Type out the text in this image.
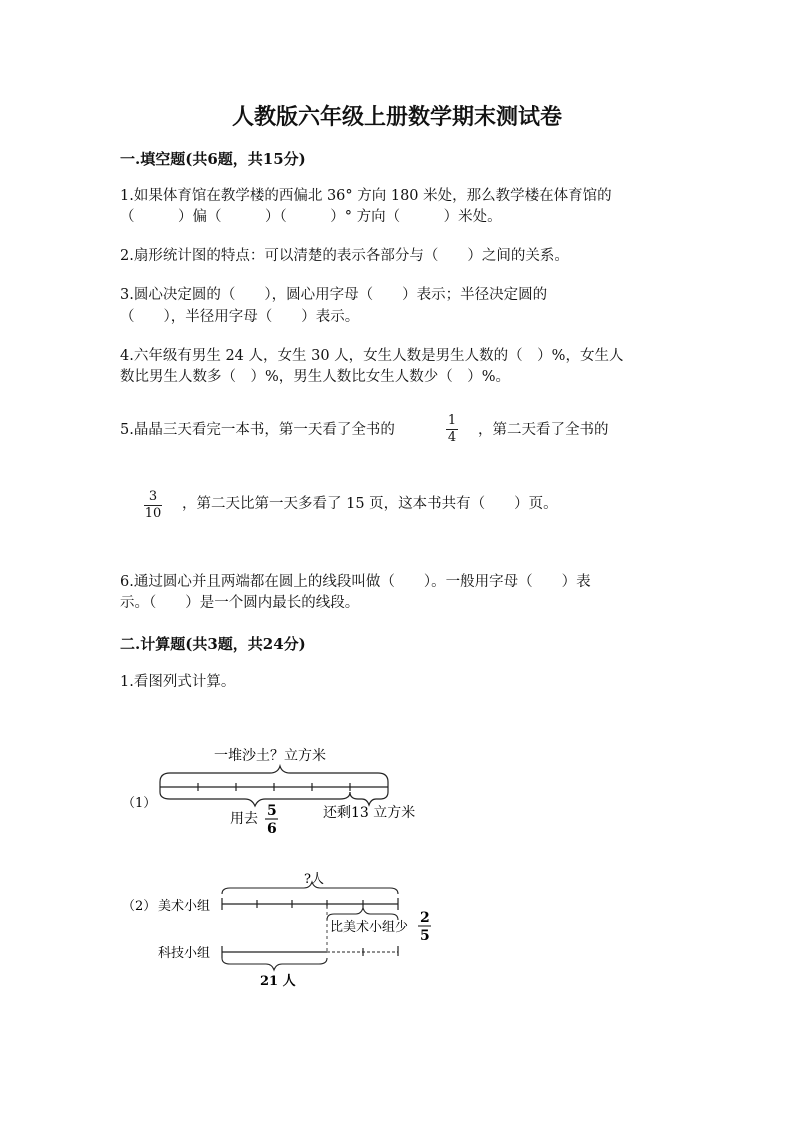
人教版六年级上册数学期末测试卷
一.填空题(共6题，共15分)
1.如果体育馆在教学楼的西偏北 36° 方向 180 米处，那么教学楼在体育馆的
（　　　）偏（　　　）（　　　）° 方向（　　　）米处。
2.扇形统计图的特点：可以清楚的表示各部分与（　　）之间的关系。
3.圆心决定圆的（　　），圆心用字母（　　）表示；半径决定圆的
（　　），半径用字母（　　）表示。
4.六年级有男生 24 人，女生 30 人，女生人数是男生人数的（　）%，女生人
数比男生人数多（　）%，男生人数比女生人数少（　）%。
5.晶晶三天看完一本书，第一天看了全书的	$\frac{1}{4}$ ，第二天看了全书的
$\frac{3}{10}$ ，第二天比第一天多看了 15 页，这本书共有（　　）页。
6.通过圆心并且两端都在圆上的线段叫做（　　）。一般用字母（　　）表
示。（　　）是一个圆内最长的线段。
二.计算题(共3题，共24分)
1.看图列式计算。
（1）
一堆沙土？立方米
用去 5
6
还剩13 立方米
（2） 美术小组
?人
比美术小组少
2
5
科技小组
21 人
